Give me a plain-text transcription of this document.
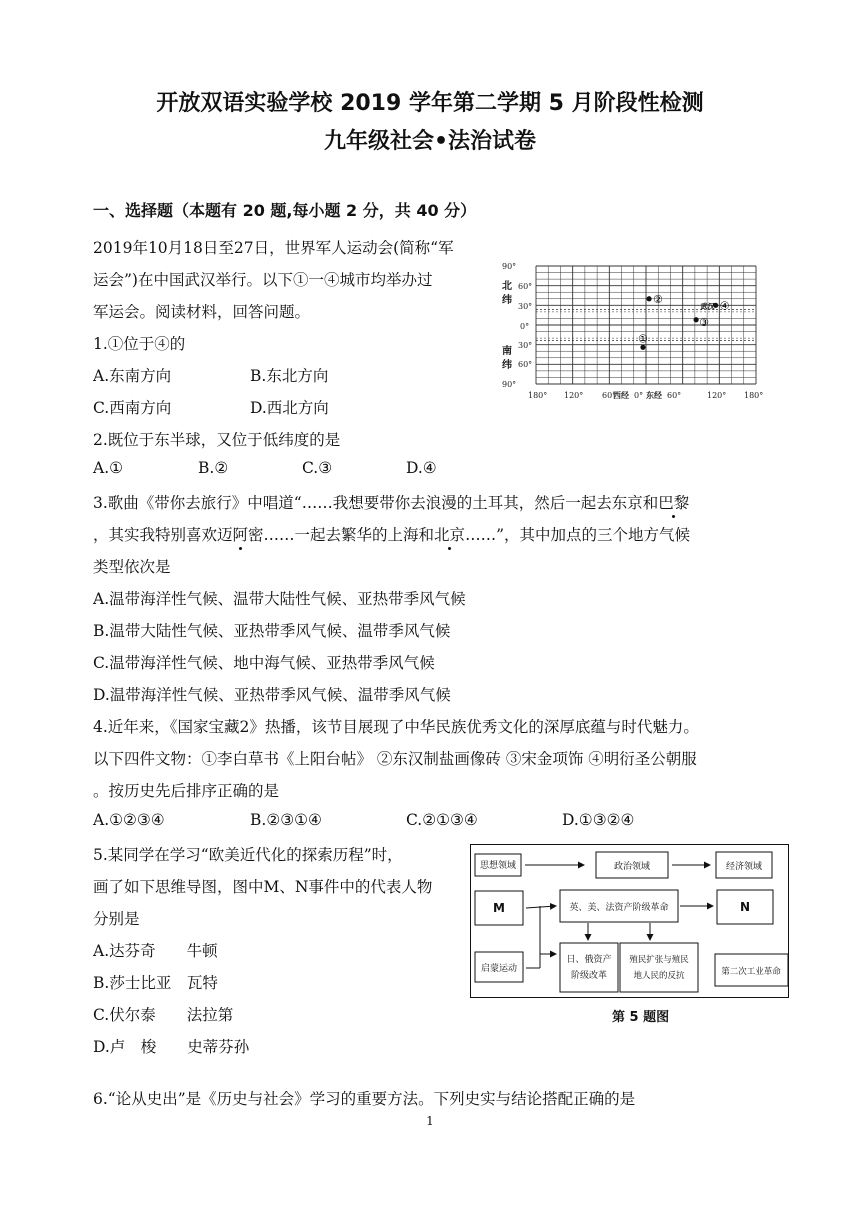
开放双语实验学校 2019 学年第二学期 5 月阶段性检测
九年级社会•法治试卷
一、选择题（本题有 20 题,每小题 2 分，共 40 分）
2019年10月18日至27日，世界军人运动会(简称“军
运会”)在中国武汉举行。以下①一④城市均举办过
军运会。阅读材料，回答问题。
1.①位于④的
A.东南方向	B.东北方向
C.西南方向	D.西北方向
2.既位于东半球，又位于低纬度的是
A.①	B.②	C.③	D.④
90°
60°
30°
0°
30°
60°
90°
北
纬
南
纬
180° 120° 60°
西经 0° 东经 60°	120° 180°
①
②
③
④
武汉
3.歌曲《带你去旅行》中唱道“……我想要带你去浪漫的土耳其，然后一起去东京和巴黎
，其实我特别喜欢迈阿密……一起去繁华的上海和北京……”，其中加点的三个地方气候
类型依次是
A.温带海洋性气候、温带大陆性气候、亚热带季风气候
B.温带大陆性气候、亚热带季风气候、温带季风气候
C.温带海洋性气候、地中海气候、亚热带季风气候
D.温带海洋性气候、亚热带季风气候、温带季风气候
4.近年来，《国家宝藏2》热播，该节目展现了中华民族优秀文化的深厚底蕴与时代魅力。
以下四件文物：①李白草书《上阳台帖》 ②东汉制盐画像砖 ③宋金项饰 ④明衍圣公朝服
。按历史先后排序正确的是
A.①②③④	B.②③①④	C.②①③④	D.①③②④
5.某同学在学习“欧美近代化的探索历程”时，
画了如下思维导图，图中M、N事件中的代表人物
分别是
A.达芬奇　　牛顿
B.莎士比亚　瓦特
C.伏尔泰　　法拉第
D.卢　梭　　史蒂芬孙
思想领域	政治领域	经济领域
M	英、美、法资产阶级革命	N
启蒙运动
日、俄资产
阶级改革
殖民扩张与殖民
地人民的反抗	第二次工业革命
第 5 题图
6.“论从史出”是《历史与社会》学习的重要方法。下列史实与结论搭配正确的是
1
